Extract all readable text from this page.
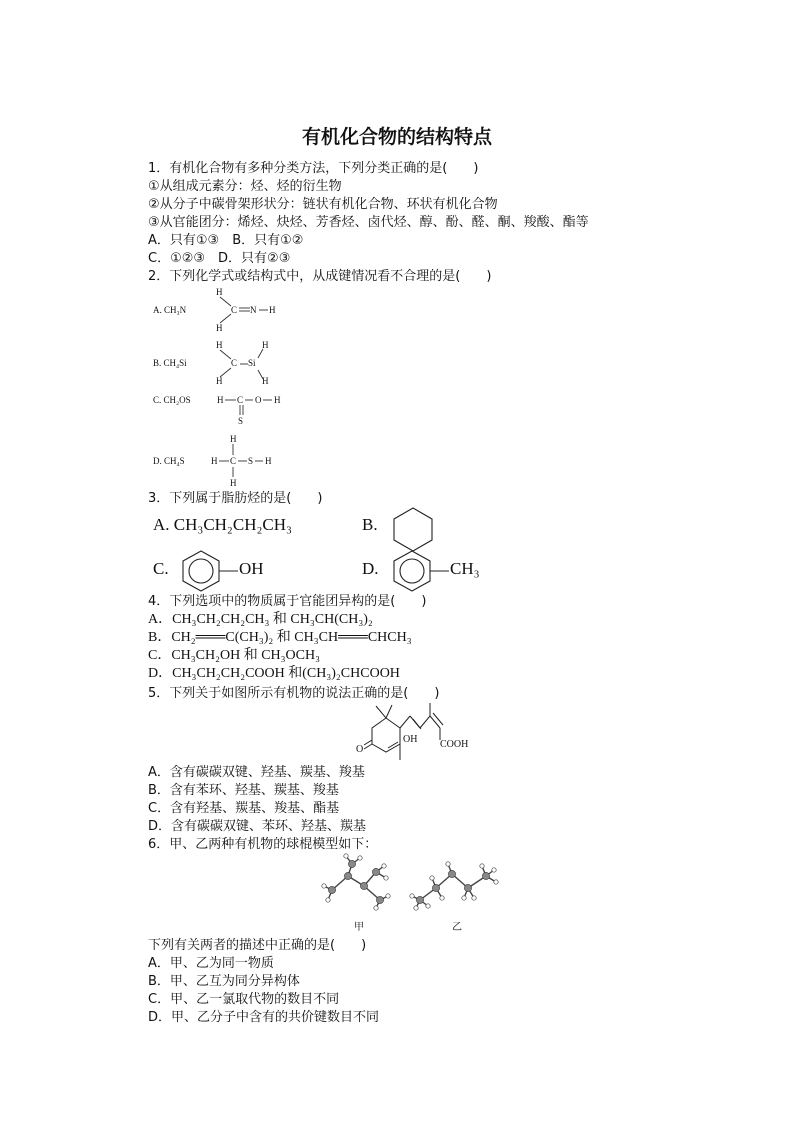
有机化合物的结构特点
1．有机化合物有多种分类方法，下列分类正确的是(　　)
①从组成元素分：烃、烃的衍生物
②从分子中碳骨架形状分：链状有机化合物、环状有机化合物
③从官能团分：烯烃、炔烃、芳香烃、卤代烃、醇、酚、醛、酮、羧酸、酯等
A．只有①③　B．只有①②
C．①②③　D．只有②③
2．下列化学式或结构式中，从成键情况看不合理的是(　　)
A. CH₃N
B. CH₄Si
C. CH₂OS
D. CH₄S
H
C N H
H
H	H
C Si
H	H
H C O H
S
H
H C S H
H
3．下列属于脂肪烃的是(　　)
A. CH₃CH₂CH₂CH₃	B.
C.	OH	D.	CH₃
4．下列选项中的物质属于官能团异构的是(　　)
A．CH₃CH₂CH₂CH₃ 和 CH₃CH(CH₃)₂
B．CH₂═══C(CH₃)₂ 和 CH₃CH═══CHCH₃
C．CH₃CH₂OH 和 CH₃OCH₃
D．CH₃CH₂CH₂COOH 和(CH₃)₂CHCOOH
5．下列关于如图所示有机物的说法正确的是(　　)
O
OH COOH
A．含有碳碳双键、羟基、羰基、羧基
B．含有苯环、羟基、羰基、羧基
C．含有羟基、羰基、羧基、酯基
D．含有碳碳双键、苯环、羟基、羰基
6．甲、乙两种有机物的球棍模型如下：
甲	乙
下列有关两者的描述中正确的是(　　)
A．甲、乙为同一物质
B．甲、乙互为同分异构体
C．甲、乙一氯取代物的数目不同
D．甲、乙分子中含有的共价键数目不同
